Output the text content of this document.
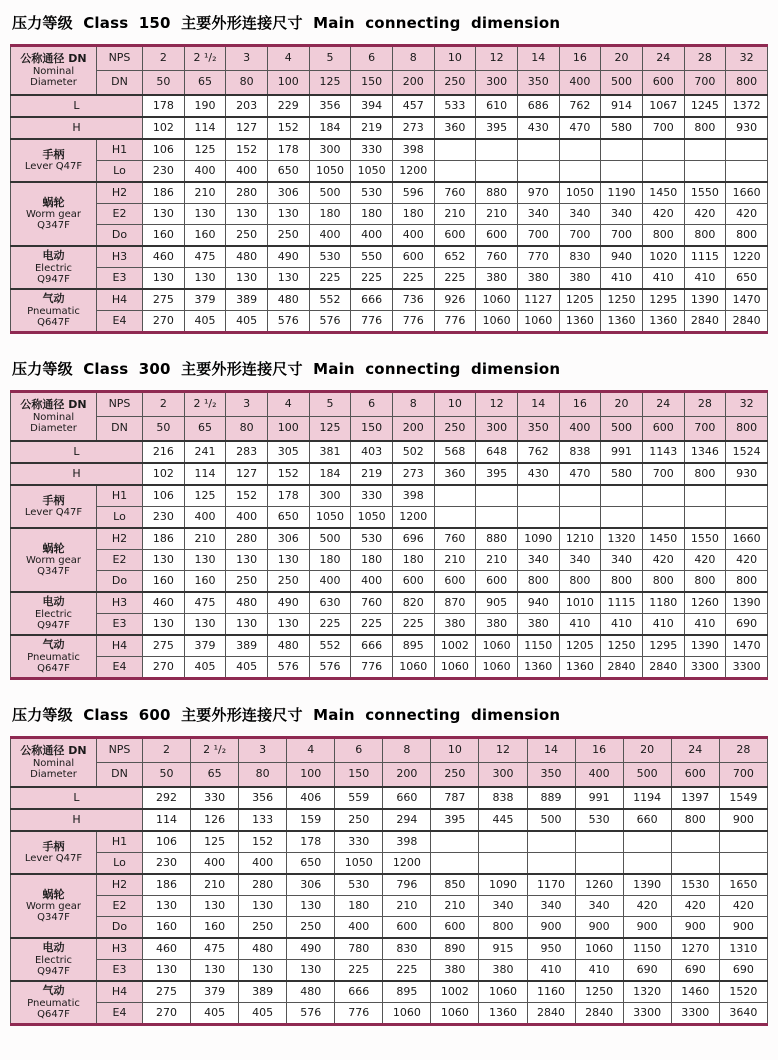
压力等级 Class 150 主要外形连接尺寸 Main connecting dimension
公称通径 DN
Nominal
Diameter	NPS	2	2 ¹/₂	3	4	5	6	8	10	12	14	16	20	24	28	32
	DN	50	65	80	100	125	150	200	250	300	350	400	500	600	700	800
L		178	190	203	229	356	394	457	533	610	686	762	914	1067	1245	1372
H		102	114	127	152	184	219	273	360	395	430	470	580	700	800	930

手柄
Lever Q47F	H1	106	125	152	178	300	330	398								
	Lo	230	400	400	650	1050	1050	1200								

蜗轮
Worm gear
Q347F	H2	186	210	280	306	500	530	596	760	880	970	1050	1190	1450	1550	1660
	E2	130	130	130	130	180	180	180	210	210	340	340	340	420	420	420
	Do	160	160	250	250	400	400	400	600	600	700	700	700	800	800	800

电动
Electric
Q947F	H3	460	475	480	490	530	550	600	652	760	770	830	940	1020	1115	1220
	E3	130	130	130	130	225	225	225	225	380	380	380	410	410	410	650

气动
Pneumatic
Q647F	H4	275	379	389	480	552	666	736	926	1060	1127	1205	1250	1295	1390	1470
	E4	270	405	405	576	576	776	776	776	1060	1060	1360	1360	1360	2840	2840
压力等级 Class 300 主要外形连接尺寸 Main connecting dimension
公称通径 DN
Nominal
Diameter	NPS	2	2 ¹/₂	3	4	5	6	8	10	12	14	16	20	24	28	32
	DN	50	65	80	100	125	150	200	250	300	350	400	500	600	700	800
L		216	241	283	305	381	403	502	568	648	762	838	991	1143	1346	1524
H		102	114	127	152	184	219	273	360	395	430	470	580	700	800	930

手柄
Lever Q47F	H1	106	125	152	178	300	330	398								
	Lo	230	400	400	650	1050	1050	1200								

蜗轮
Worm gear
Q347F	H2	186	210	280	306	500	530	696	760	880	1090	1210	1320	1450	1550	1660
	E2	130	130	130	130	180	180	180	210	210	340	340	340	420	420	420
	Do	160	160	250	250	400	400	600	600	600	800	800	800	800	800	800

电动
Electric
Q947F	H3	460	475	480	490	630	760	820	870	905	940	1010	1115	1180	1260	1390
	E3	130	130	130	130	225	225	225	380	380	380	410	410	410	410	690

气动
Pneumatic
Q647F	H4	275	379	389	480	552	666	895	1002	1060	1150	1205	1250	1295	1390	1470
	E4	270	405	405	576	576	776	1060	1060	1060	1360	1360	2840	2840	3300	3300
压力等级 Class 600 主要外形连接尺寸 Main connecting dimension
公称通径 DN
Nominal
Diameter	NPS	2	2 ¹/₂	3	4	6	8	10	12	14	16	20	24	28
	DN	50	65	80	100	150	200	250	300	350	400	500	600	700
L		292	330	356	406	559	660	787	838	889	991	1194	1397	1549
H		114	126	133	159	250	294	395	445	500	530	660	800	900

手柄
Lever Q47F	H1	106	125	152	178	330	398							
	Lo	230	400	400	650	1050	1200							

蜗轮
Worm gear
Q347F	H2	186	210	280	306	530	796	850	1090	1170	1260	1390	1530	1650
	E2	130	130	130	130	180	210	210	340	340	340	420	420	420
	Do	160	160	250	250	400	600	600	800	900	900	900	900	900

电动
Electric
Q947F	H3	460	475	480	490	780	830	890	915	950	1060	1150	1270	1310
	E3	130	130	130	130	225	225	380	380	410	410	690	690	690

气动
Pneumatic
Q647F	H4	275	379	389	480	666	895	1002	1060	1160	1250	1320	1460	1520
	E4	270	405	405	576	776	1060	1060	1360	2840	2840	3300	3300	3640
